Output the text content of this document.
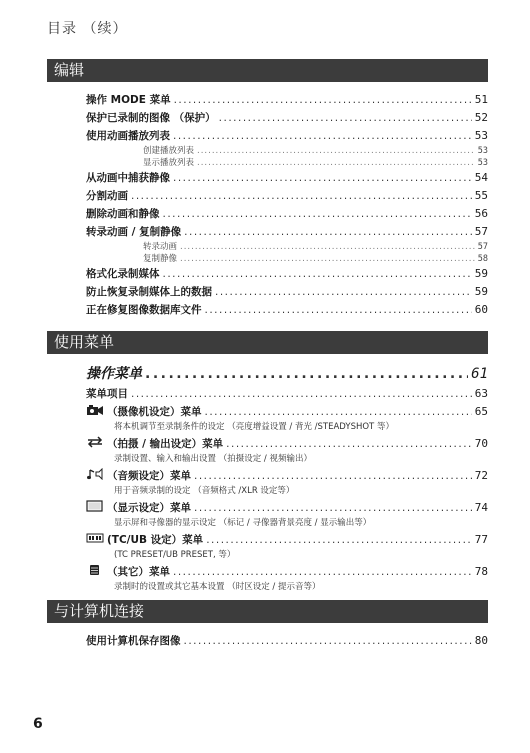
目录 （续）
编辑
操作 MODE 菜单 .....	51
保护已录制的图像 （保护） .....	52
使用动画播放列表 .....	53
创建播放列表 .....	53
显示播放列表 .....	53
从动画中捕获静像 .....	54
分割动画 .....	55
删除动画和静像 .....	56
转录动画 / 复制静像 .....	57
转录动画 .....	57
复制静像 .....	58
格式化录制媒体 .....	59
防止恢复录制媒体上的数据 .....	59
正在修复图像数据库文件 .....	60
使用菜单
操作菜单 .....	61
菜单项目 .....	63
（摄像机设定）菜单 .....	65
将本机调节至录制条件的设定 （亮度增益设置 / 背光 /STEADYSHOT 等）
（拍摄 / 输出设定）菜单 .....	70
录制设置、输入和输出设置 （拍摄设定 / 视频输出）
（音频设定）菜单 .....	72
用于音频录制的设定 （音频格式 /XLR 设定等）
（显示设定）菜单 .....	74
显示屏和寻像器的显示设定 （标记 / 寻像器背景亮度 / 显示输出等）
(TC/UB 设定）菜单 .....	77
(TC PRESET/UB PRESET, 等）
（其它）菜单 .....	78
录制时的设置或其它基本设置 （时区设定 / 提示音等）
与计算机连接
使用计算机保存图像 .....	80
6
